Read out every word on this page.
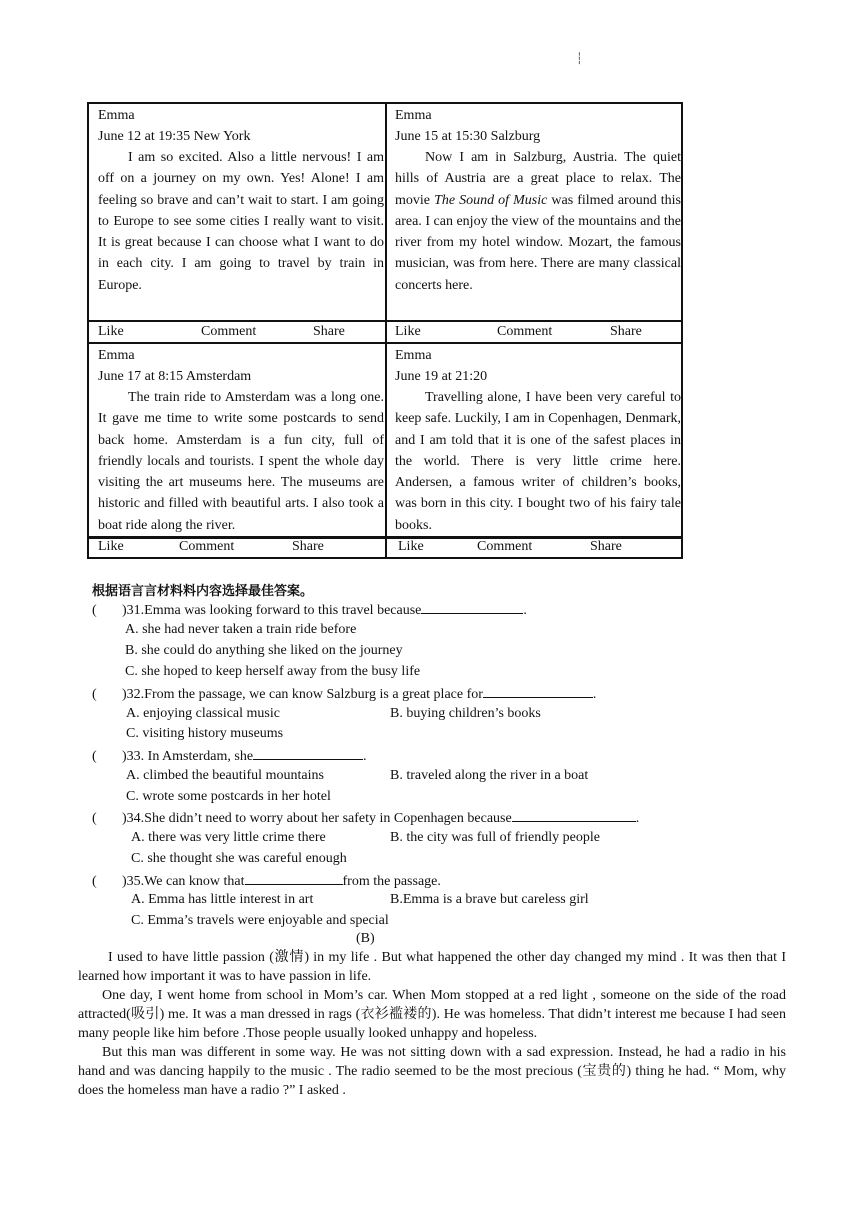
┆
Emma
June 12 at 19:35 New York
I am so excited. Also a little nervous! I am off on a journey on my own. Yes! Alone! I am feeling so brave and can’t wait to start. I am going to Europe to see some cities I really want to visit. It is great because I can choose what I want to do in each city. I am going to travel by train in Europe.
Emma
June 15 at 15:30 Salzburg
Now I am in Salzburg, Austria. The quiet hills of Austria are a great place to relax. The movie The Sound of Music was filmed around this area. I can enjoy the view of the mountains and the river from my hotel window. Mozart, the famous musician, was from here. There are many classical concerts here.
Like	Comment	Share	Like	Comment	Share
Emma
June 17 at 8:15 Amsterdam
The train ride to Amsterdam was a long one. It gave me time to write some postcards to send back home. Amsterdam is a fun city, full of friendly locals and tourists. I spent the whole day visiting the art museums here. The museums are historic and filled with beautiful arts. I also took a boat ride along the river.
Emma
June 19 at 21:20
Travelling alone, I have been very careful to keep safe. Luckily, I am in Copenhagen, Denmark, and I am told that it is one of the safest places in the world. There is very little crime here. Andersen, a famous writer of children’s books, was born in this city. I bought two of his fairy tale books.
Like	Comment	Share	Like	Comment	Share
根据语言言材料料内容选择最佳答案。
( )31.Emma was looking forward to this travel because	.
A. she had never taken a train ride before
B. she could do anything she liked on the journey
C. she hoped to keep herself away from the busy life
( )32.From the passage, we can know Salzburg is a great place for	.
A. enjoying classical music	B. buying children’s books
C. visiting history museums
( )33. In Amsterdam, she	.
A. climbed the beautiful mountains	B. traveled along the river in a boat
C. wrote some postcards in her hotel
( )34.She didn’t need to worry about her safety in Copenhagen because	.
A. there was very little crime there	B. the city was full of friendly people
C. she thought she was careful enough
( )35.We can know that	from the passage.
A. Emma has little interest in art	B.Emma is a brave but careless girl
C. Emma’s travels were enjoyable and special
(B)
I used to have little passion (激情) in my life . But what happened the other day changed my mind . It was then that I learned how important it was to have passion in life.
One day, I went home from school in Mom’s car. When Mom stopped at a red light , someone on the side of the road attracted(吸引) me. It was a man dressed in rags (衣衫褴褛的). He was homeless. That didn’t interest me because I had seen many people like him before .Those people usually looked unhappy and hopeless.
But this man was different in some way. He was not sitting down with a sad expression. Instead, he had a radio in his hand and was dancing happily to the music . The radio seemed to be the most precious (宝贵的) thing he had. “ Mom, why does the homeless man have a radio ?” I asked .
